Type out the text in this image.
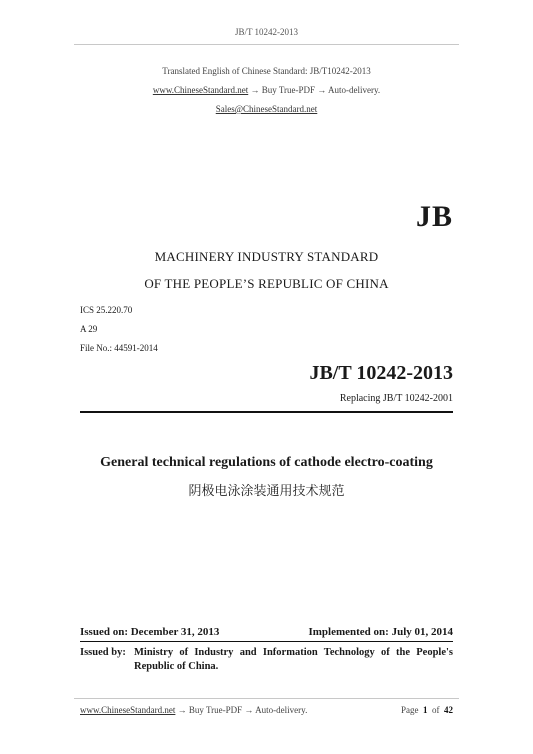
JB/T 10242-2013
Translated English of Chinese Standard: JB/T10242-2013
www.ChineseStandard.net → Buy True-PDF → Auto-delivery.
Sales@ChineseStandard.net
JB
MACHINERY INDUSTRY STANDARD
OF THE PEOPLE’S REPUBLIC OF CHINA
ICS 25.220.70
A 29
File No.: 44591-2014
JB/T 10242-2013
Replacing JB/T 10242-2001
General technical regulations of cathode electro-coating
阴极电泳涂装通用技术规范
Issued on: December 31, 2013	Implemented on: July 01, 2014
Issued by: Ministry of Industry and Information Technology of the People's Republic of China.
www.ChineseStandard.net → Buy True-PDF → Auto-delivery.	Page 1 of 42
